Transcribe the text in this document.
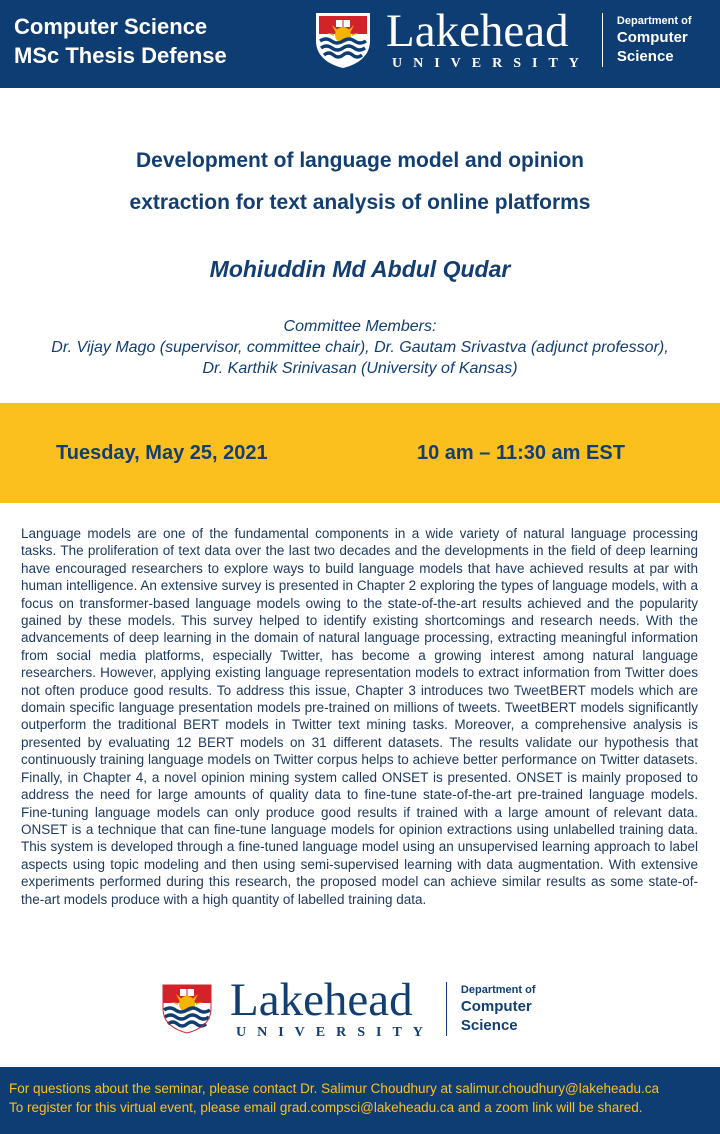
Computer Science
MSc Thesis Defense	Lakehead
UNIVERSITY
Department of
Computer
Science
Development of language model and opinion
extraction for text analysis of online platforms
Mohiuddin Md Abdul Qudar
Committee Members:
Dr. Vijay Mago (supervisor, committee chair), Dr. Gautam Srivastva (adjunct professor),
Dr. Karthik Srinivasan (University of Kansas)
Tuesday, May 25, 2021	10 am – 11:30 am EST
Language models are one of the fundamental components in a wide variety of natural language processing tasks. The proliferation of text data over the last two decades and the developments in the field of deep learning have encouraged researchers to explore ways to build language models that have achieved results at par with human intelligence. An extensive survey is presented in Chapter 2 exploring the types of language models, with a focus on transformer-based language models owing to the state-of-the-art results achieved and the popularity gained by these models. This survey helped to identify existing shortcomings and research needs. With the advancements of deep learning in the domain of natural language processing, extracting meaningful information from social media platforms, especially Twitter, has become a growing interest among natural language researchers. However, applying existing language representation models to extract information from Twitter does not often produce good results. To address this issue, Chapter 3 introduces two TweetBERT models which are domain specific language presentation models pre-trained on millions of tweets. TweetBERT models significantly outperform the traditional BERT models in Twitter text mining tasks. Moreover, a comprehensive analysis is presented by evaluating 12 BERT models on 31 different datasets. The results validate our hypothesis that continuously training language models on Twitter corpus helps to achieve better performance on Twitter datasets. Finally, in Chapter 4, a novel opinion mining system called ONSET is presented. ONSET is mainly proposed to address the need for large amounts of quality data to fine-tune state-of-the-art pre-trained language models. Fine-tuning language models can only produce good results if trained with a large amount of relevant data. ONSET is a technique that can fine-tune language models for opinion extractions using unlabelled training data. This system is developed through a fine-tuned language model using an unsupervised learning approach to label aspects using topic modeling and then using semi-supervised learning with data augmentation. With extensive experiments performed during this research, the proposed model can achieve similar results as some state-of-the-art models produce with a high quantity of labelled training data.
Lakehead
UNIVERSITY
Department of
Computer
Science
For questions about the seminar, please contact Dr. Salimur Choudhury at salimur.choudhury@lakeheadu.ca
To register for this virtual event, please email grad.compsci@lakeheadu.ca and a zoom link will be shared.
